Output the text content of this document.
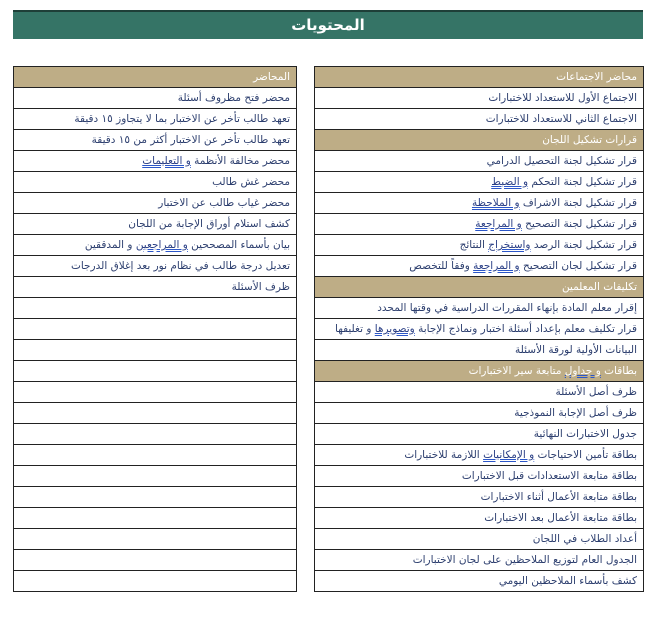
المحتويات
محاضر الاجتماعات
الاجتماع الأول للاستعداد للاختبارات
الاجتماع الثاني للاستعداد للاختبارات
قرارات تشكيل اللجان
قرار تشكيل لجنة التحصيل الدرامي
قرار تشكيل لجنة التحكم و الضبط
قرار تشكيل لجنة الاشراف و الملاحظة
قرار تشكيل لجنة التصحيح و المراجعة
قرار تشكيل لجنة الرصد واستخراج النتائج
قرار تشكيل لجان التصحيح و المراجعة وفقاً للتخصص
تكليفات المعلمين
إقرار معلم المادة بإنهاء المقررات الدراسية في وقتها المحدد
قرار تكليف معلم بإعداد أسئلة اختبار ونماذج الإجابة وتصويرها و تغليفها
البيانات الأولية لورقة الأسئلة
بطاقات و جداول متابعة سير الاختبارات
ظرف أصل الأسئلة
ظرف أصل الإجابة النموذجية
جدول الاختبارات النهائية
بطاقة تأمين الاحتياجات و الإمكانيات اللازمة للاختبارات
بطاقة متابعة الاستعدادات قبل الاختبارات
بطاقة متابعة الأعمال أثناء الاختبارات
بطاقة متابعة الأعمال بعد الاختبارات
أعداد الطلاب في اللجان
الجدول العام لتوزيع الملاحظين على لجان الاختبارات
كشف بأسماء الملاحظين اليومي
المحاضر
محضر فتح مظروف أسئلة
تعهد طالب تأخر عن الاختبار بما لا يتجاوز ١٥ دقيقة
تعهد طالب تأخر عن الاختبار أكثر من ١٥ دقيقة
محضر مخالفة الأنظمة و التعليمات
محضر غش طالب
محضر غياب طالب عن الاختبار
كشف استلام أوراق الإجابة من اللجان
بيان بأسماء المصححين و المراجعين و المدققين
تعديل درجة طالب في نظام نور بعد إغلاق الدرجات
ظرف الأسئلة
